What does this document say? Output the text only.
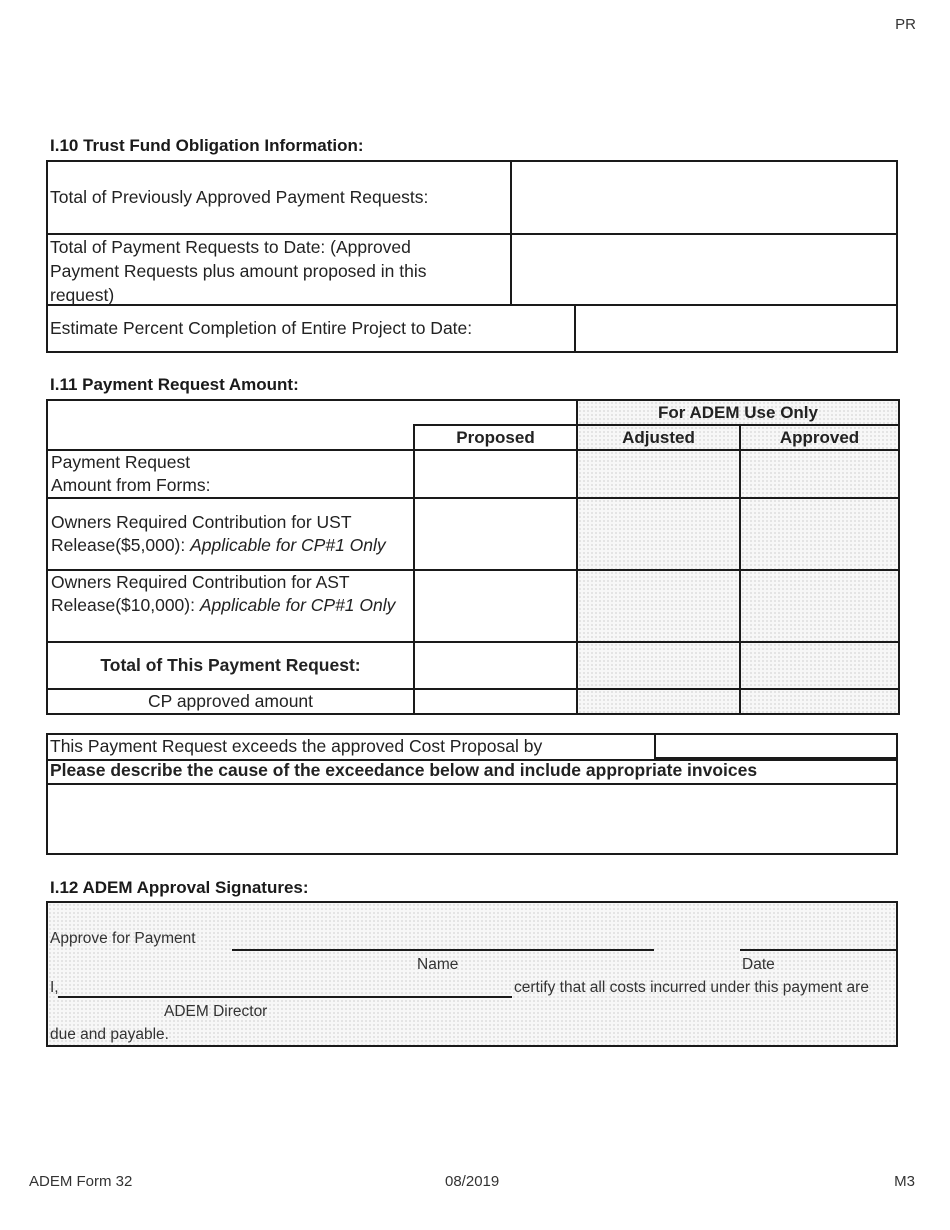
PR
I.10 Trust Fund Obligation Information:
Total of Previously Approved Payment Requests:
Total of Payment Requests to Date: (Approved Payment Requests plus amount proposed in this request)
Estimate Percent Completion of Entire Project to Date:
I.11 Payment Request Amount:
		For ADEM Use Only	
	Proposed	Adjusted	Approved

Payment Request
Amount from Forms:			

Owners Required Contribution for UST Release($5,000): Applicable for CP#1 Only			
Owners Required Contribution for AST Release($10,000): Applicable for CP#1 Only			
Total of This Payment Request:			
CP approved amount			
This Payment Request exceeds the approved Cost Proposal by
Please describe the cause of the exceedance below and include appropriate invoices
I.12 ADEM Approval Signatures:
Approve for Payment
Name	Date
I,	certify that all costs incurred under this payment are
ADEM Director
due and payable.
ADEM Form 32	08/2019	M3
